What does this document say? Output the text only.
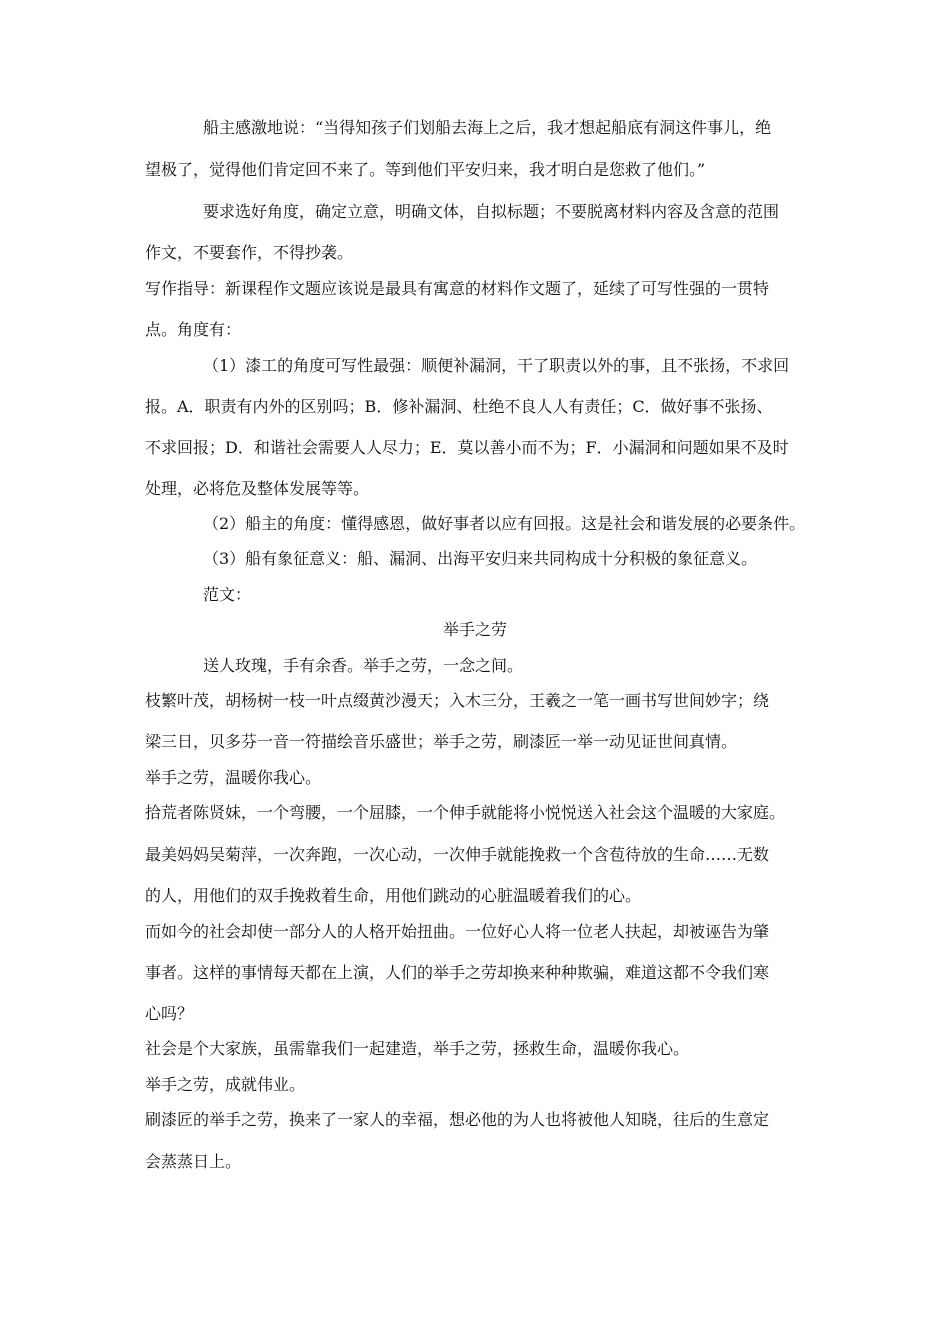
船主感激地说：“当得知孩子们划船去海上之后，我才想起船底有洞这件事儿，绝
望极了，觉得他们肯定回不来了。等到他们平安归来，我才明白是您救了他们。”
要求选好角度，确定立意，明确文体，自拟标题；不要脱离材料内容及含意的范围
作文，不要套作，不得抄袭。
写作指导：新课程作文题应该说是最具有寓意的材料作文题了，延续了可写性强的一贯特
点。角度有：
（1）漆工的角度可写性最强：顺便补漏洞，干了职责以外的事，且不张扬，不求回
报。A．职责有内外的区别吗；B．修补漏洞、杜绝不良人人有责任；C．做好事不张扬、
不求回报；D．和谐社会需要人人尽力；E．莫以善小而不为；F．小漏洞和问题如果不及时
处理，必将危及整体发展等等。
（2）船主的角度：懂得感恩，做好事者以应有回报。这是社会和谐发展的必要条件。
（3）船有象征意义：船、漏洞、出海平安归来共同构成十分积极的象征意义。
范文：
举手之劳
送人玫瑰，手有余香。举手之劳，一念之间。
枝繁叶茂，胡杨树一枝一叶点缀黄沙漫天；入木三分，王羲之一笔一画书写世间妙字；绕
梁三日，贝多芬一音一符描绘音乐盛世；举手之劳，刷漆匠一举一动见证世间真情。
举手之劳，温暖你我心。
拾荒者陈贤妹，一个弯腰，一个屈膝，一个伸手就能将小悦悦送入社会这个温暖的大家庭。
最美妈妈吴菊萍，一次奔跑，一次心动，一次伸手就能挽救一个含苞待放的生命……无数
的人，用他们的双手挽救着生命，用他们跳动的心脏温暖着我们的心。
而如今的社会却使一部分人的人格开始扭曲。一位好心人将一位老人扶起，却被诬告为肇
事者。这样的事情每天都在上演，人们的举手之劳却换来种种欺骗，难道这都不令我们寒
心吗？
社会是个大家族，虽需靠我们一起建造，举手之劳，拯救生命，温暖你我心。
举手之劳，成就伟业。
刷漆匠的举手之劳，换来了一家人的幸福，想必他的为人也将被他人知晓，往后的生意定
会蒸蒸日上。
